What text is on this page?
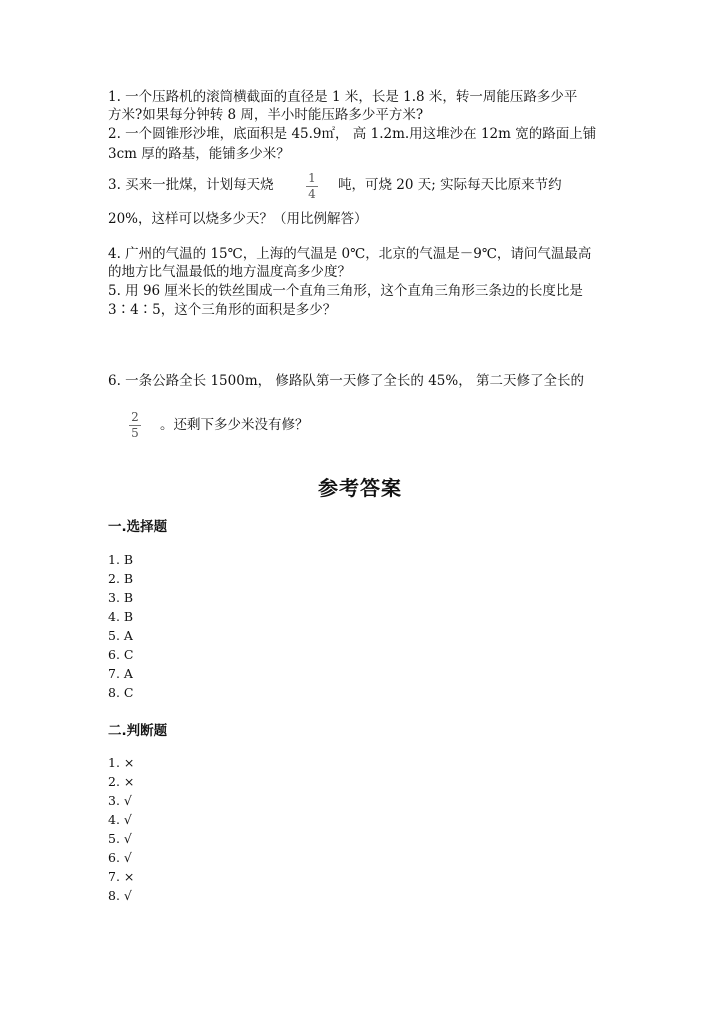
1. 一个压路机的滚筒横截面的直径是 1 米，长是 1.8 米，转一周能压路多少平
方米?如果每分钟转 8 周，半小时能压路多少平方米?
2. 一个圆锥形沙堆，底面积是 45.9㎡， 高 1.2m.用这堆沙在 12m 宽的路面上铺
3cm 厚的路基，能铺多少米？
3. 买来一批煤，计划每天烧	1
4
吨，可烧 20 天; 实际每天比原来节约
20%，这样可以烧多少天？（用比例解答）
4. 广州的气温的 15℃，上海的气温是 0℃，北京的气温是－9℃，请问气温最高
的地方比气温最低的地方温度高多少度？
5. 用 96 厘米长的铁丝围成一个直角三角形，这个直角三角形三条边的长度比是
3∶4∶5，这个三角形的面积是多少？
6. 一条公路全长 1500m， 修路队第一天修了全长的 45%， 第二天修了全长的
2
5 。还剩下多少米没有修？
参考答案
一.选择题
1. B
2. B
3. B
4. B
5. A
6. C
7. A
8. C
二.判断题
1. ×
2. ×
3. √
4. √
5. √
6. √
7. ×
8. √
